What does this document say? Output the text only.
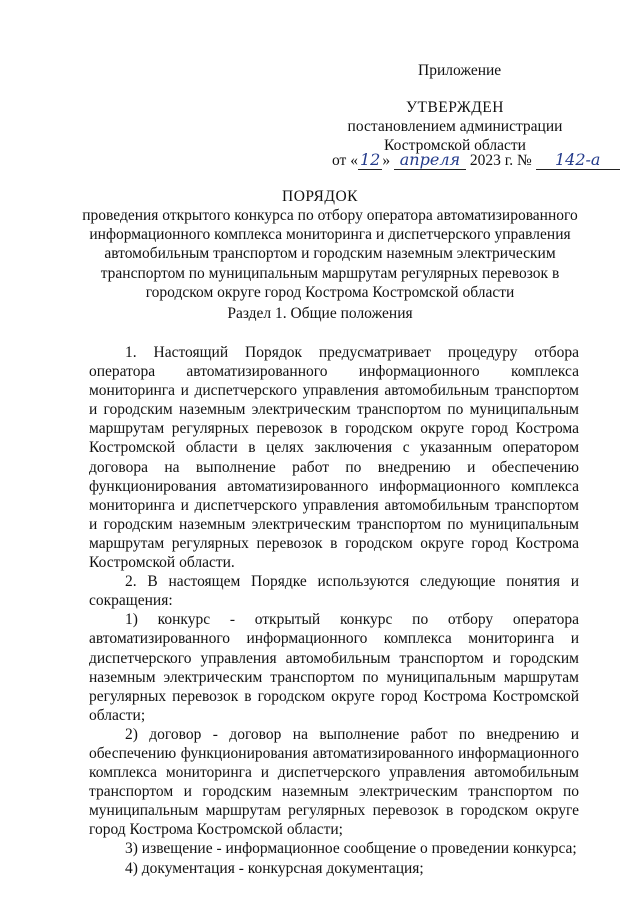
Приложение
УТВЕРЖДЕН
постановлением администрации
Костромской области
от « 12 » апреля 2023 г. № 142-а
ПОРЯДОК
проведения открытого конкурса по отбору оператора автоматизированного информационного комплекса мониторинга и диспетчерского управления автомобильным транспортом и городским наземным электрическим транспортом по муниципальным маршрутам регулярных перевозок в городском округе город Кострома Костромской области
Раздел 1. Общие положения

1. Настоящий Порядок предусматривает процедуру отбора оператора автоматизированного информационного комплекса мониторинга и диспетчерского управления автомобильным транспортом и городским наземным электрическим транспортом по муниципальным маршрутам регулярных перевозок в городском округе город Кострома Костромской области в целях заключения с указанным оператором договора на выполнение работ по внедрению и обеспечению функционирования автоматизированного информационного комплекса мониторинга и диспетчерского управления автомобильным транспортом и городским наземным электрическим транспортом по муниципальным маршрутам регулярных перевозок в городском округе город Кострома Костромской области.

2. В настоящем Порядке используются следующие понятия и сокращения:

1) конкурс - открытый конкурс по отбору оператора автоматизированного информационного комплекса мониторинга и диспетчерского управления автомобильным транспортом и городским наземным электрическим транспортом по муниципальным маршрутам регулярных перевозок в городском округе город Кострома Костромской области;

2) договор - договор на выполнение работ по внедрению и обеспечению функционирования автоматизированного информационного комплекса мониторинга и диспетчерского управления автомобильным транспортом и городским наземным электрическим транспортом по муниципальным маршрутам регулярных перевозок в городском округе город Кострома Костромской области;

3) извещение - информационное сообщение о проведении конкурса;

4) документация - конкурсная документация;
